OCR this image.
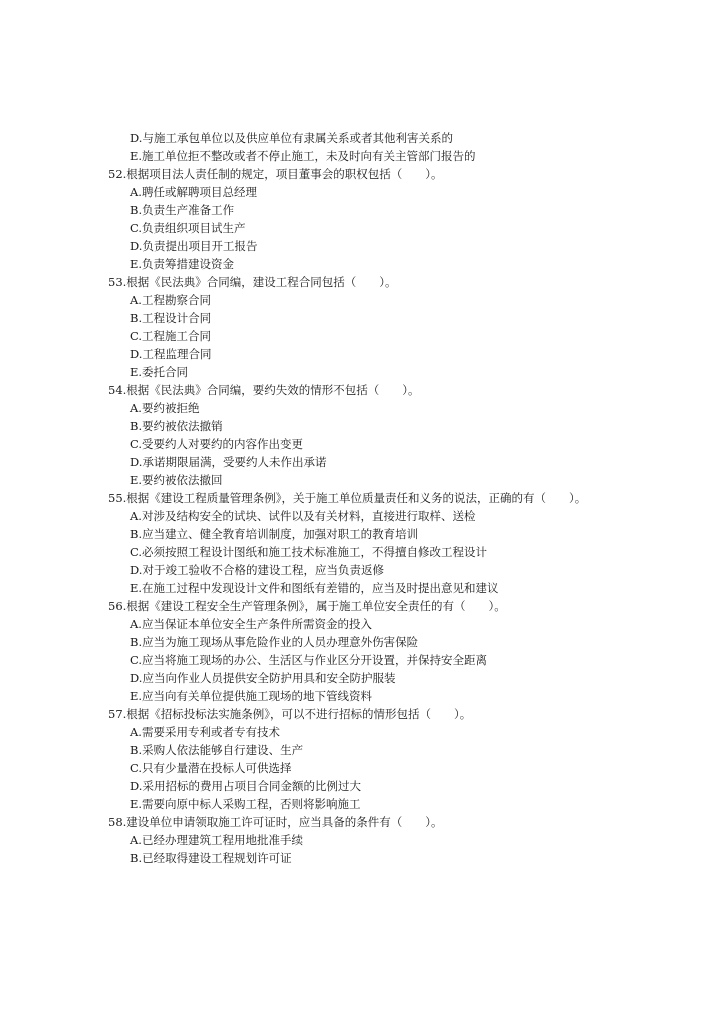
D.与施工承包单位以及供应单位有隶属关系或者其他利害关系的
E.施工单位拒不整改或者不停止施工，未及时向有关主管部门报告的
52.根据项目法人责任制的规定，项目董事会的职权包括（　　）。
A.聘任或解聘项目总经理
B.负责生产准备工作
C.负责组织项目试生产
D.负责提出项目开工报告
E.负责筹措建设资金
53.根据《民法典》合同编，建设工程合同包括（　　）。
A.工程勘察合同
B.工程设计合同
C.工程施工合同
D.工程监理合同
E.委托合同
54.根据《民法典》合同编，要约失效的情形不包括（　　）。
A.要约被拒绝
B.要约被依法撤销
C.受要约人对要约的内容作出变更
D.承诺期限届满，受要约人未作出承诺
E.要约被依法撤回
55.根据《建设工程质量管理条例》，关于施工单位质量责任和义务的说法，正确的有（　　）。
A.对涉及结构安全的试块、试件以及有关材料，直接进行取样、送检
B.应当建立、健全教育培训制度，加强对职工的教育培训
C.必须按照工程设计图纸和施工技术标准施工，不得擅自修改工程设计
D.对于竣工验收不合格的建设工程，应当负责返修
E.在施工过程中发现设计文件和图纸有差错的，应当及时提出意见和建议
56.根据《建设工程安全生产管理条例》，属于施工单位安全责任的有（　　）。
A.应当保证本单位安全生产条件所需资金的投入
B.应当为施工现场从事危险作业的人员办理意外伤害保险
C.应当将施工现场的办公、生活区与作业区分开设置，并保持安全距离
D.应当向作业人员提供安全防护用具和安全防护服装
E.应当向有关单位提供施工现场的地下管线资料
57.根据《招标投标法实施条例》，可以不进行招标的情形包括（　　）。
A.需要采用专利或者专有技术
B.采购人依法能够自行建设、生产
C.只有少量潜在投标人可供选择
D.采用招标的费用占项目合同金额的比例过大
E.需要向原中标人采购工程，否则将影响施工
58.建设单位申请领取施工许可证时，应当具备的条件有（　　）。
A.已经办理建筑工程用地批准手续
B.已经取得建设工程规划许可证
